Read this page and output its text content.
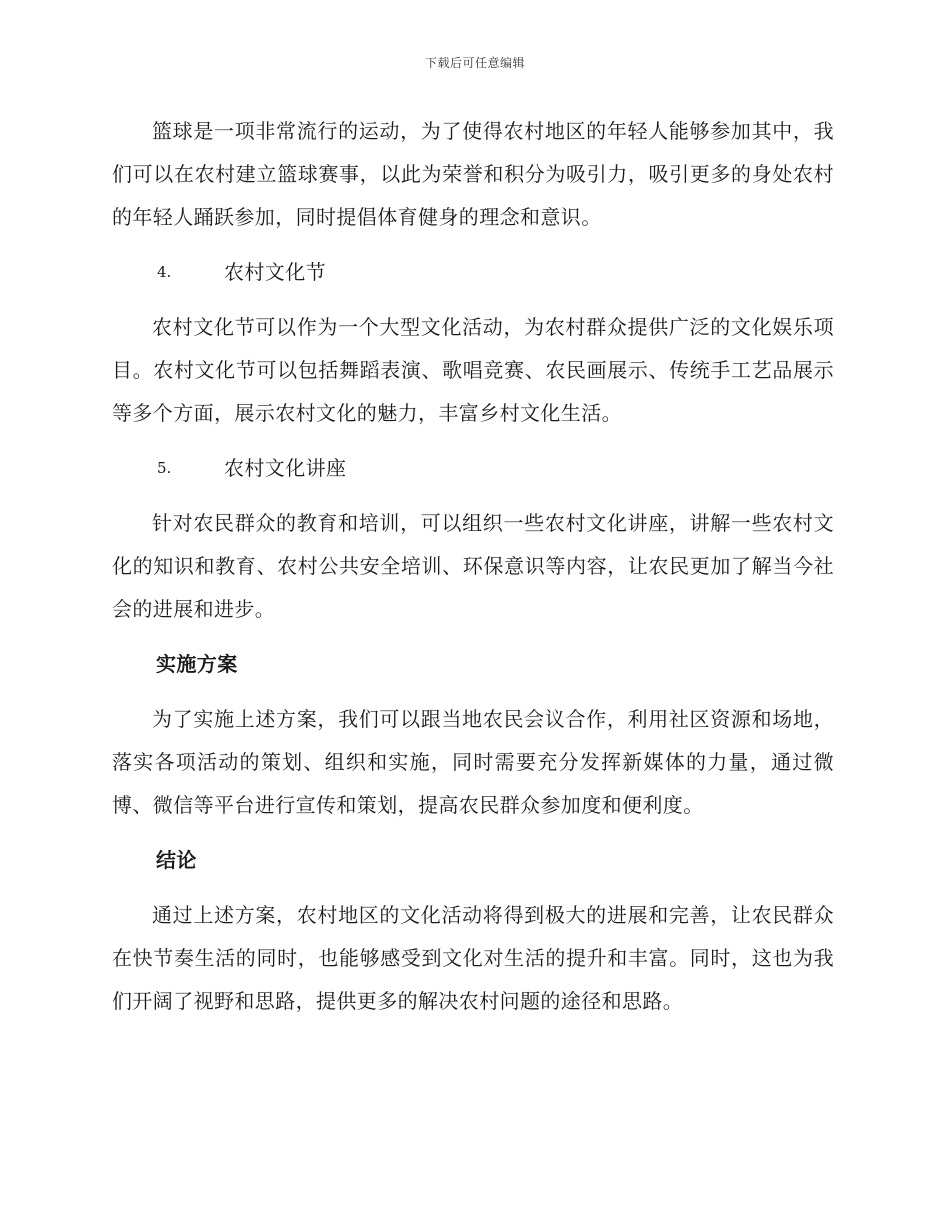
下载后可任意编辑

篮球是一项非常流行的运动，为了使得农村地区的年轻人能够参加其中，我们可以在农村建立篮球赛事，以此为荣誉和积分为吸引力，吸引更多的身处农村的年轻人踊跃参加，同时提倡体育健身的理念和意识。

4.	农村文化节

农村文化节可以作为一个大型文化活动，为农村群众提供广泛的文化娱乐项目。农村文化节可以包括舞蹈表演、歌唱竞赛、农民画展示、传统手工艺品展示等多个方面，展示农村文化的魅力，丰富乡村文化生活。

5.	农村文化讲座

针对农民群众的教育和培训，可以组织一些农村文化讲座，讲解一些农村文化的知识和教育、农村公共安全培训、环保意识等内容，让农民更加了解当今社会的进展和进步。

实施方案

为了实施上述方案，我们可以跟当地农民会议合作，利用社区资源和场地，落实各项活动的策划、组织和实施，同时需要充分发挥新媒体的力量，通过微博、微信等平台进行宣传和策划，提高农民群众参加度和便利度。

结论

通过上述方案，农村地区的文化活动将得到极大的进展和完善，让农民群众在快节奏生活的同时，也能够感受到文化对生活的提升和丰富。同时，这也为我们开阔了视野和思路，提供更多的解决农村问题的途径和思路。
